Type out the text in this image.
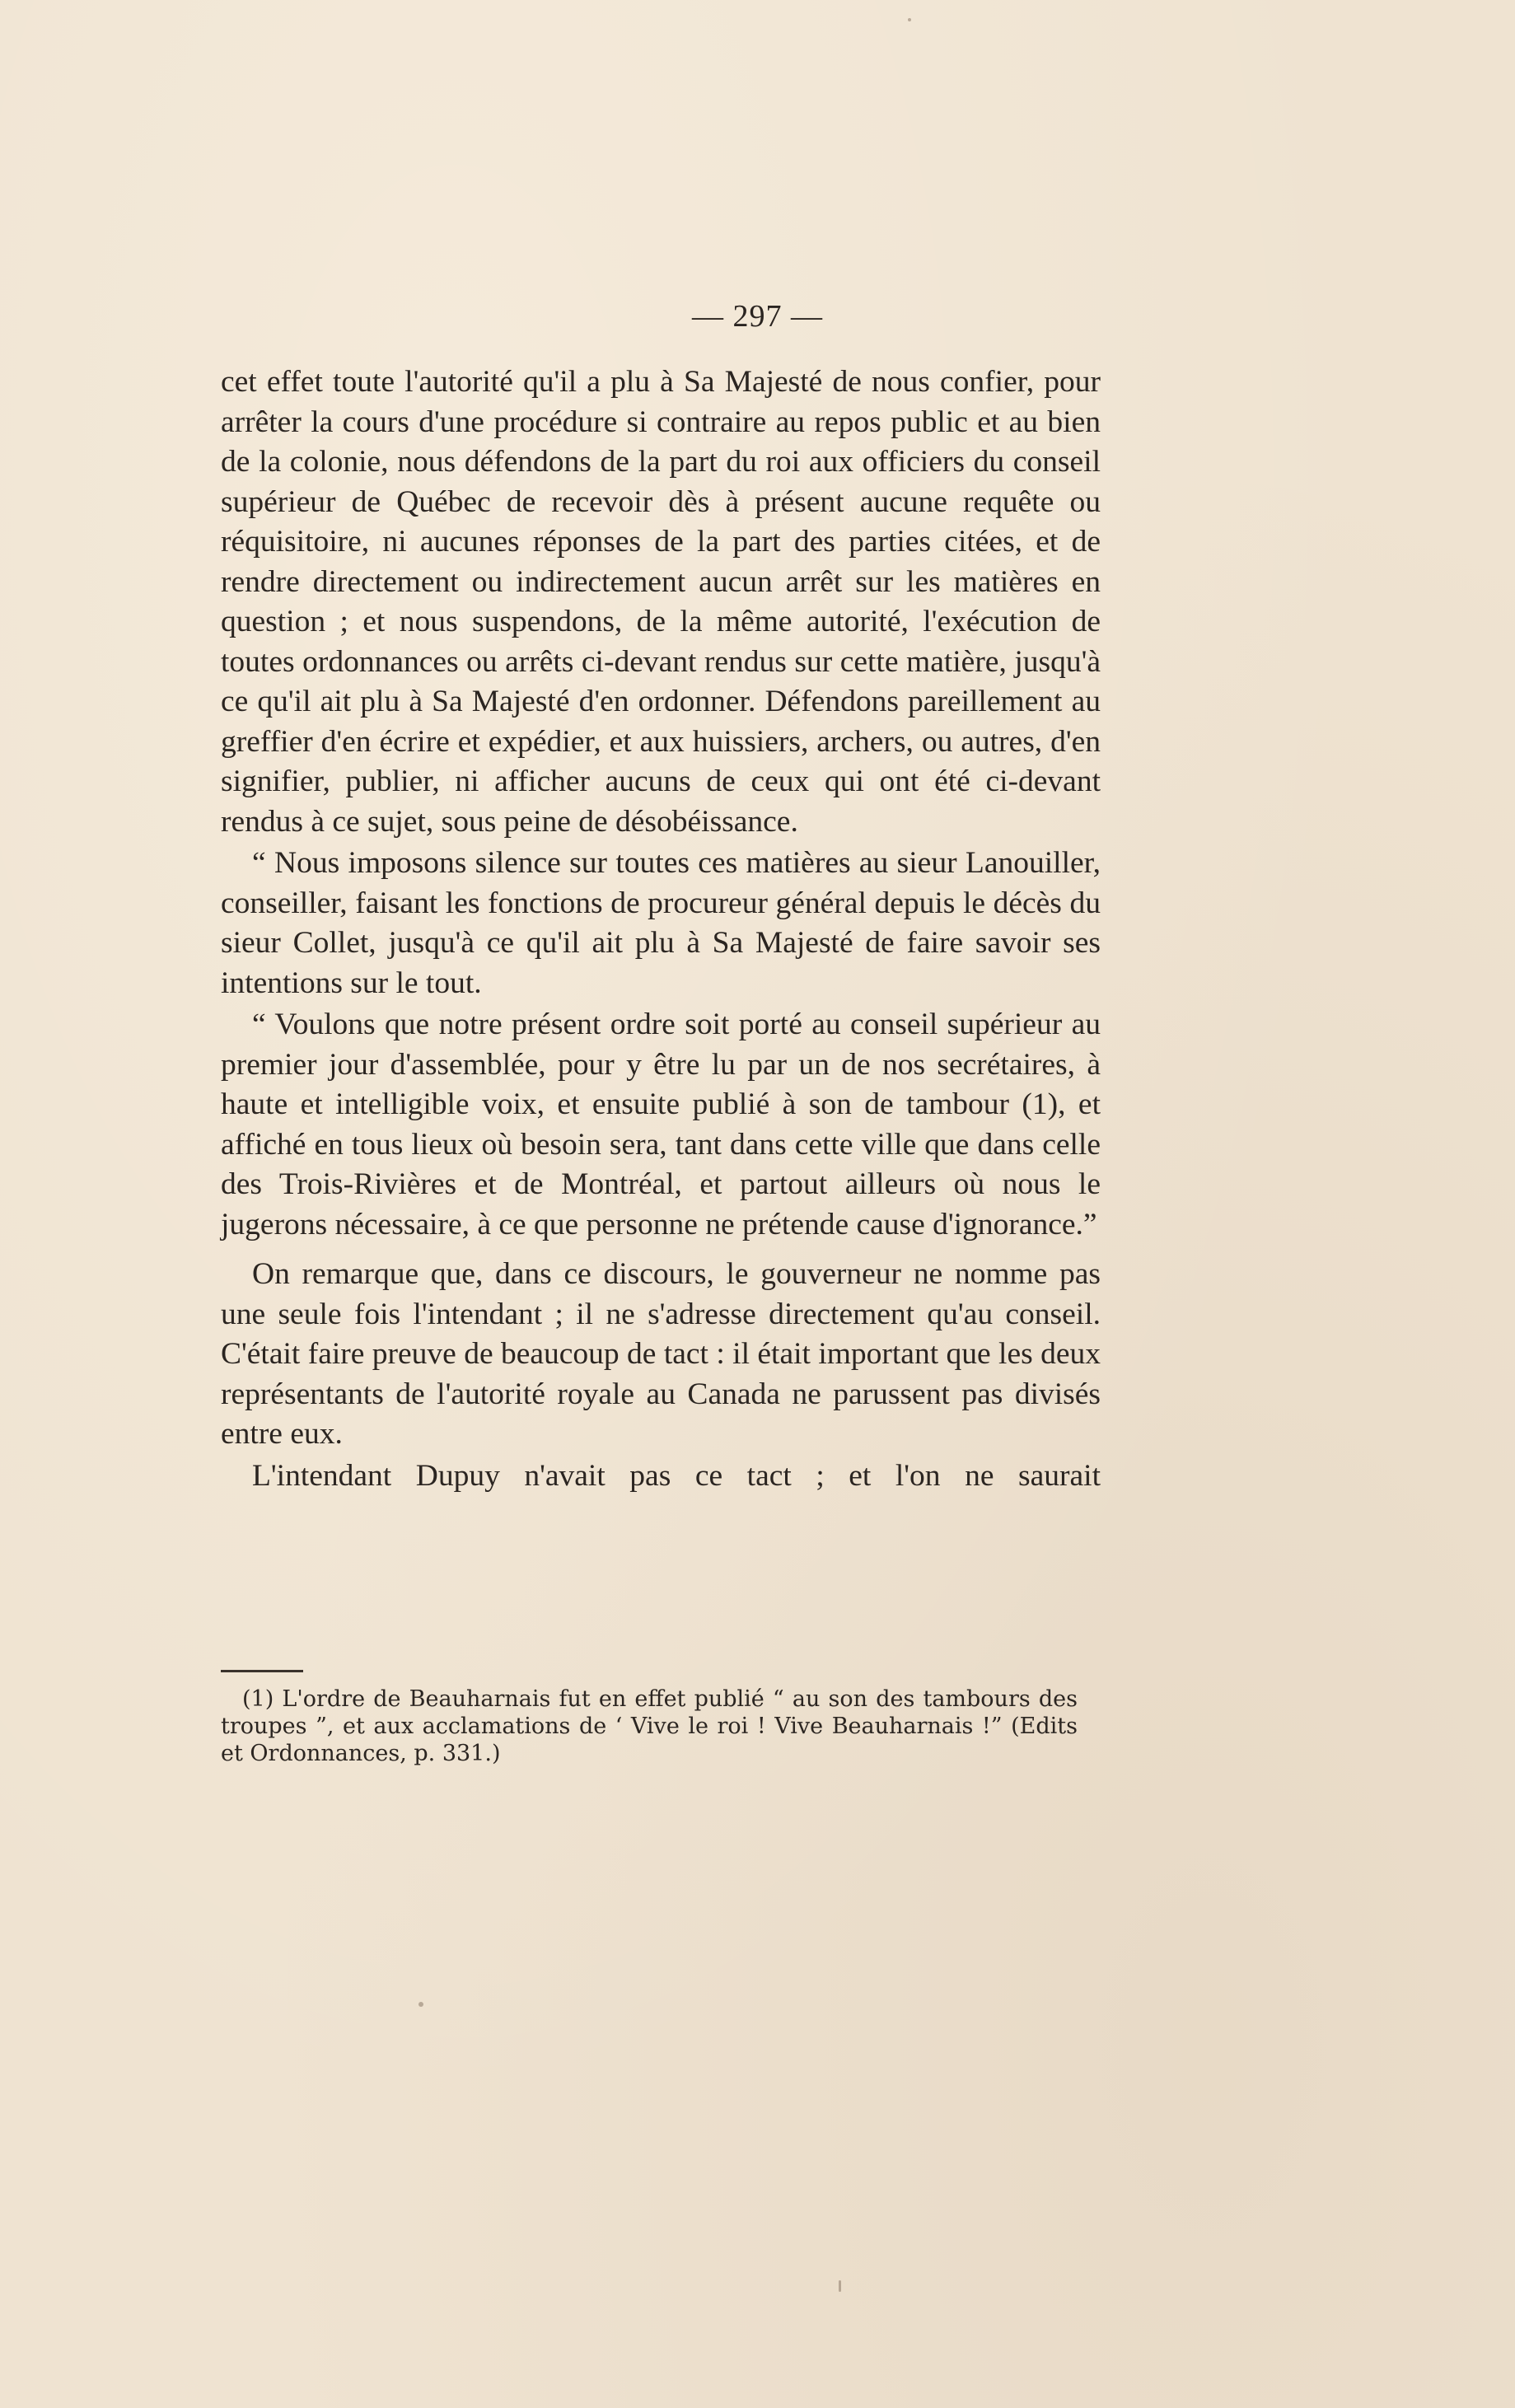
— 297 —

cet effet toute l'autorité qu'il a plu à Sa Majesté de nous confier, pour arrêter la cours d'une procédure si contraire au repos public et au bien de la colonie, nous défendons de la part du roi aux officiers du conseil supérieur de Québec de recevoir dès à présent aucune requête ou réquisitoire, ni aucunes réponses de la part des parties citées, et de rendre directement ou indirectement aucun arrêt sur les matières en question ; et nous suspendons, de la même autorité, l'exécution de toutes ordonnances ou arrêts ci-devant rendus sur cette matière, jusqu'à ce qu'il ait plu à Sa Majesté d'en ordonner. Défendons pareillement au greffier d'en écrire et expédier, et aux huissiers, archers, ou autres, d'en signifier, publier, ni afficher aucuns de ceux qui ont été ci-devant rendus à ce sujet, sous peine de désobéissance.

“ Nous imposons silence sur toutes ces matières au sieur Lanouiller, conseiller, faisant les fonctions de procureur général depuis le décès du sieur Collet, jusqu'à ce qu'il ait plu à Sa Majesté de faire savoir ses intentions sur le tout.

“ Voulons que notre présent ordre soit porté au conseil supérieur au premier jour d'assemblée, pour y être lu par un de nos secrétaires, à haute et intelligible voix, et ensuite publié à son de tambour (1), et affiché en tous lieux où besoin sera, tant dans cette ville que dans celle des Trois-Rivières et de Montréal, et partout ailleurs où nous le jugerons nécessaire, à ce que personne ne prétende cause d'ignorance.”

On remarque que, dans ce discours, le gouverneur ne nomme pas une seule fois l'intendant ; il ne s'adresse directement qu'au conseil. C'était faire preuve de beaucoup de tact : il était important que les deux représentants de l'autorité royale au Canada ne parussent pas divisés entre eux.

L'intendant Dupuy n'avait pas ce tact ; et l'on ne saurait

(1) L'ordre de Beauharnais fut en effet publié “ au son des tambours des troupes ”, et aux acclamations de ‘ Vive le roi ! Vive Beauharnais !” (Edits et Ordonnances, p. 331.)
